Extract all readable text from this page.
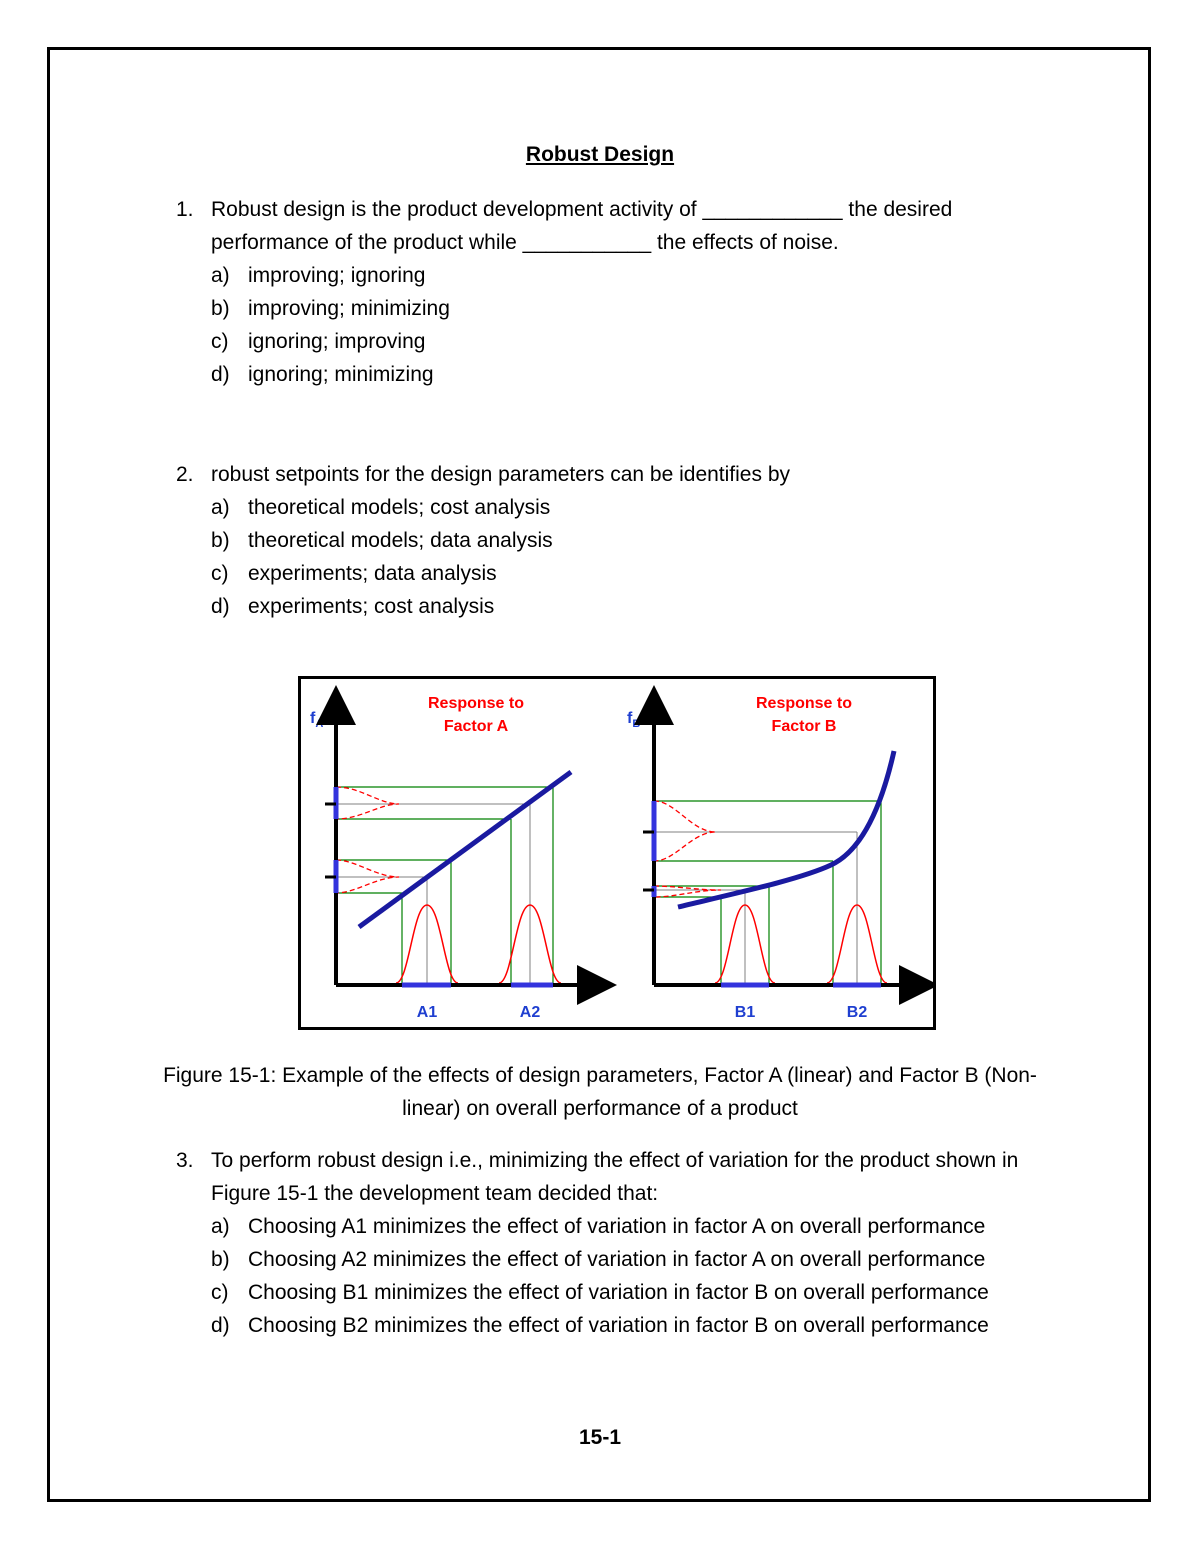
Robust Design
1. Robust design is the product development activity of ____________ the desired performance of the product while ___________ the effects of noise.
a) improving; ignoring
b) improving; minimizing
c) ignoring; improving
d) ignoring; minimizing
2. robust setpoints for the design parameters can be identifies by
a) theoretical models; cost analysis
b) theoretical models; data analysis
c) experiments; data analysis
d) experiments; cost analysis
Response to
Factor A
$f_A$
A1	A2
Response to
Factor B
$f_B$
B1	B2
Figure 15-1: Example of the effects of design parameters, Factor A (linear) and Factor B (Non-linear) on overall performance of a product
3. To perform robust design i.e., minimizing the effect of variation for the product shown in Figure 15-1 the development team decided that:
a) Choosing A1 minimizes the effect of variation in factor A on overall performance
b) Choosing A2 minimizes the effect of variation in factor A on overall performance
c) Choosing B1 minimizes the effect of variation in factor B on overall performance
d) Choosing B2 minimizes the effect of variation in factor B on overall performance
15-1
